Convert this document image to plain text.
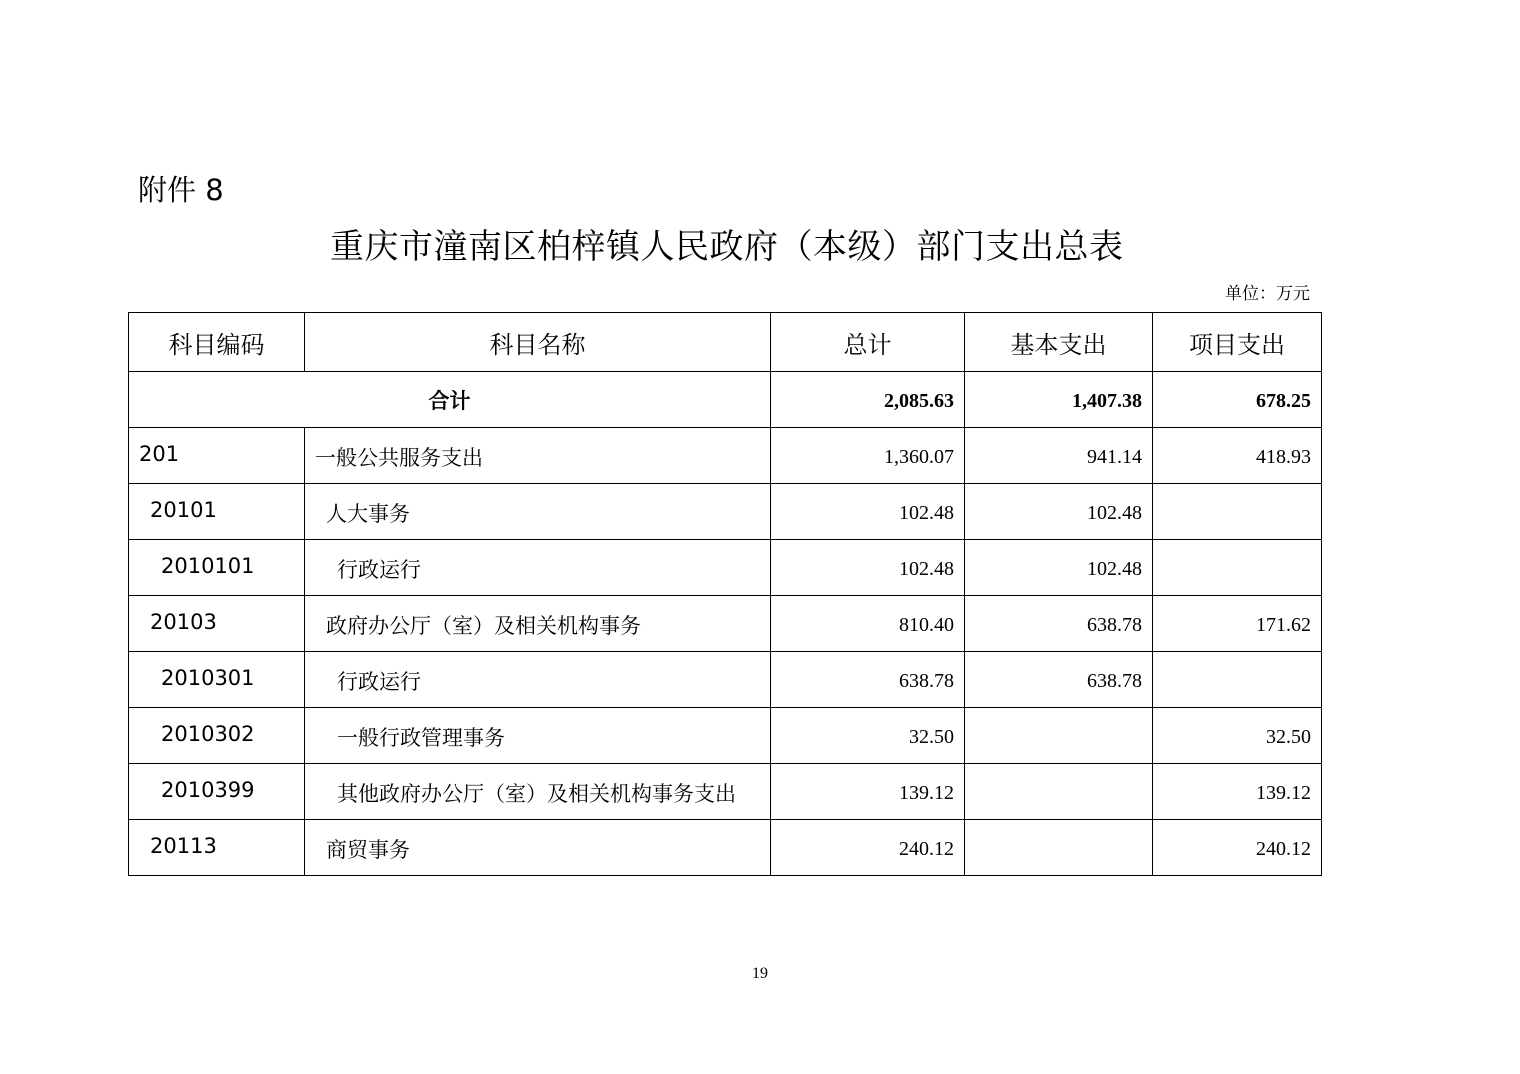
附件 8
重庆市潼南区柏梓镇人民政府（本级）部门支出总表
单位：万元
科目编码	科目名称	总计	基本支出	项目支出
合计		2,085.63	1,407.38	678.25
201	一般公共服务支出	1,360.07	941.14	418.93
20101	人大事务	102.48	102.48	
2010101	行政运行	102.48	102.48	
20103	政府办公厅（室）及相关机构事务	810.40	638.78	171.62
2010301	行政运行	638.78	638.78	
2010302	一般行政管理事务	32.50		32.50
2010399	其他政府办公厅（室）及相关机构事务支出	139.12		139.12
20113	商贸事务	240.12		240.12
19
